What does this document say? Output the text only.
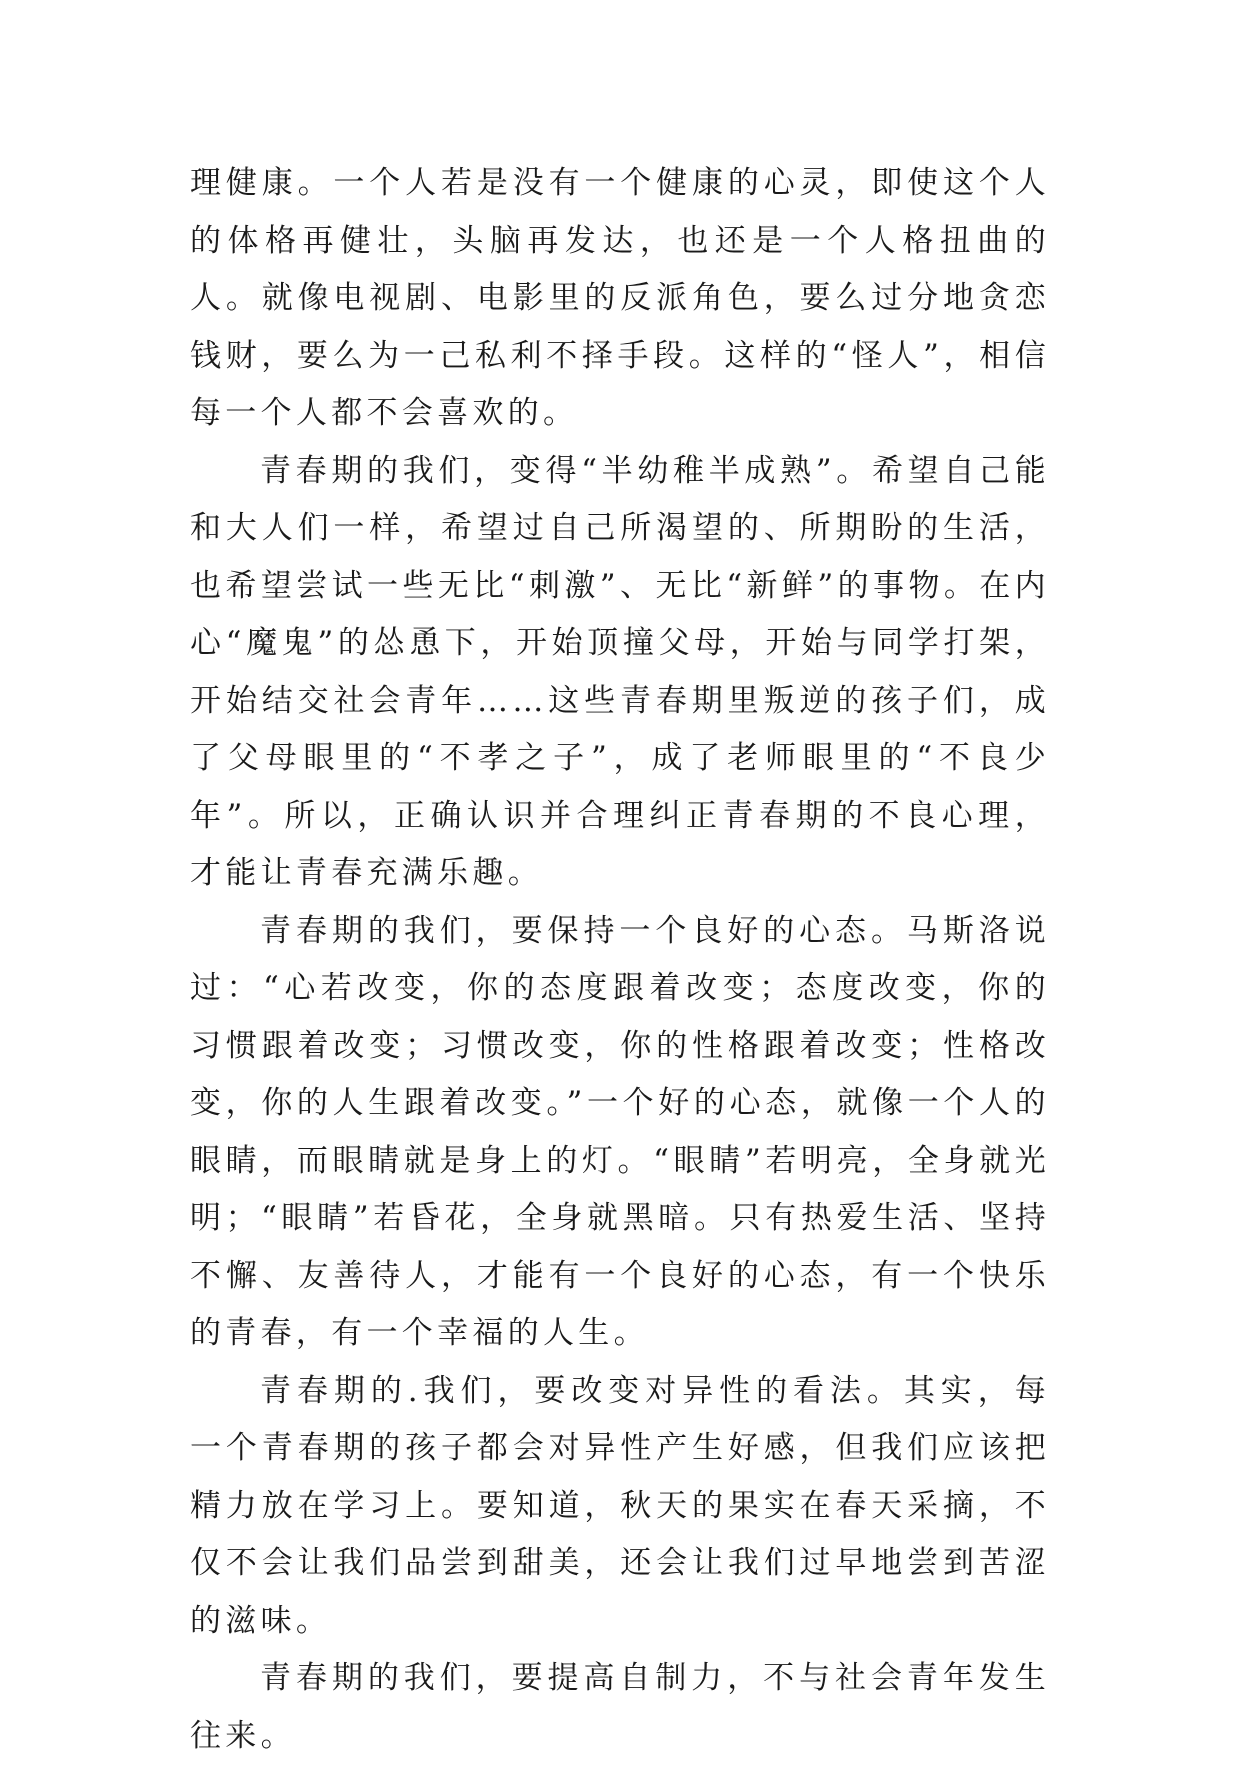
理健康。一个人若是没有一个健康的心灵，即使这个人的体格再健壮，头脑再发达，也还是一个人格扭曲的人。就像电视剧、电影里的反派角色，要么过分地贪恋钱财，要么为一己私利不择手段。这样的“怪人”，相信每一个人都不会喜欢的。

青春期的我们，变得“半幼稚半成熟”。希望自己能和大人们一样，希望过自己所渴望的、所期盼的生活，也希望尝试一些无比“刺激”、无比“新鲜”的事物。在内心“魔鬼”的怂恿下，开始顶撞父母，开始与同学打架，开始结交社会青年……这些青春期里叛逆的孩子们，成了父母眼里的“不孝之子”，成了老师眼里的“不良少年”。所以，正确认识并合理纠正青春期的不良心理，才能让青春充满乐趣。

青春期的我们，要保持一个良好的心态。马斯洛说过：“心若改变，你的态度跟着改变；态度改变，你的习惯跟着改变；习惯改变，你的性格跟着改变；性格改变，你的人生跟着改变。”一个好的心态，就像一个人的眼睛，而眼睛就是身上的灯。“眼睛”若明亮，全身就光明；“眼睛”若昏花，全身就黑暗。只有热爱生活、坚持不懈、友善待人，才能有一个良好的心态，有一个快乐的青春，有一个幸福的人生。

青春期的.我们，要改变对异性的看法。其实，每一个青春期的孩子都会对异性产生好感，但我们应该把精力放在学习上。要知道，秋天的果实在春天采摘，不仅不会让我们品尝到甜美，还会让我们过早地尝到苦涩的滋味。

青春期的我们，要提高自制力，不与社会青年发生往来。
